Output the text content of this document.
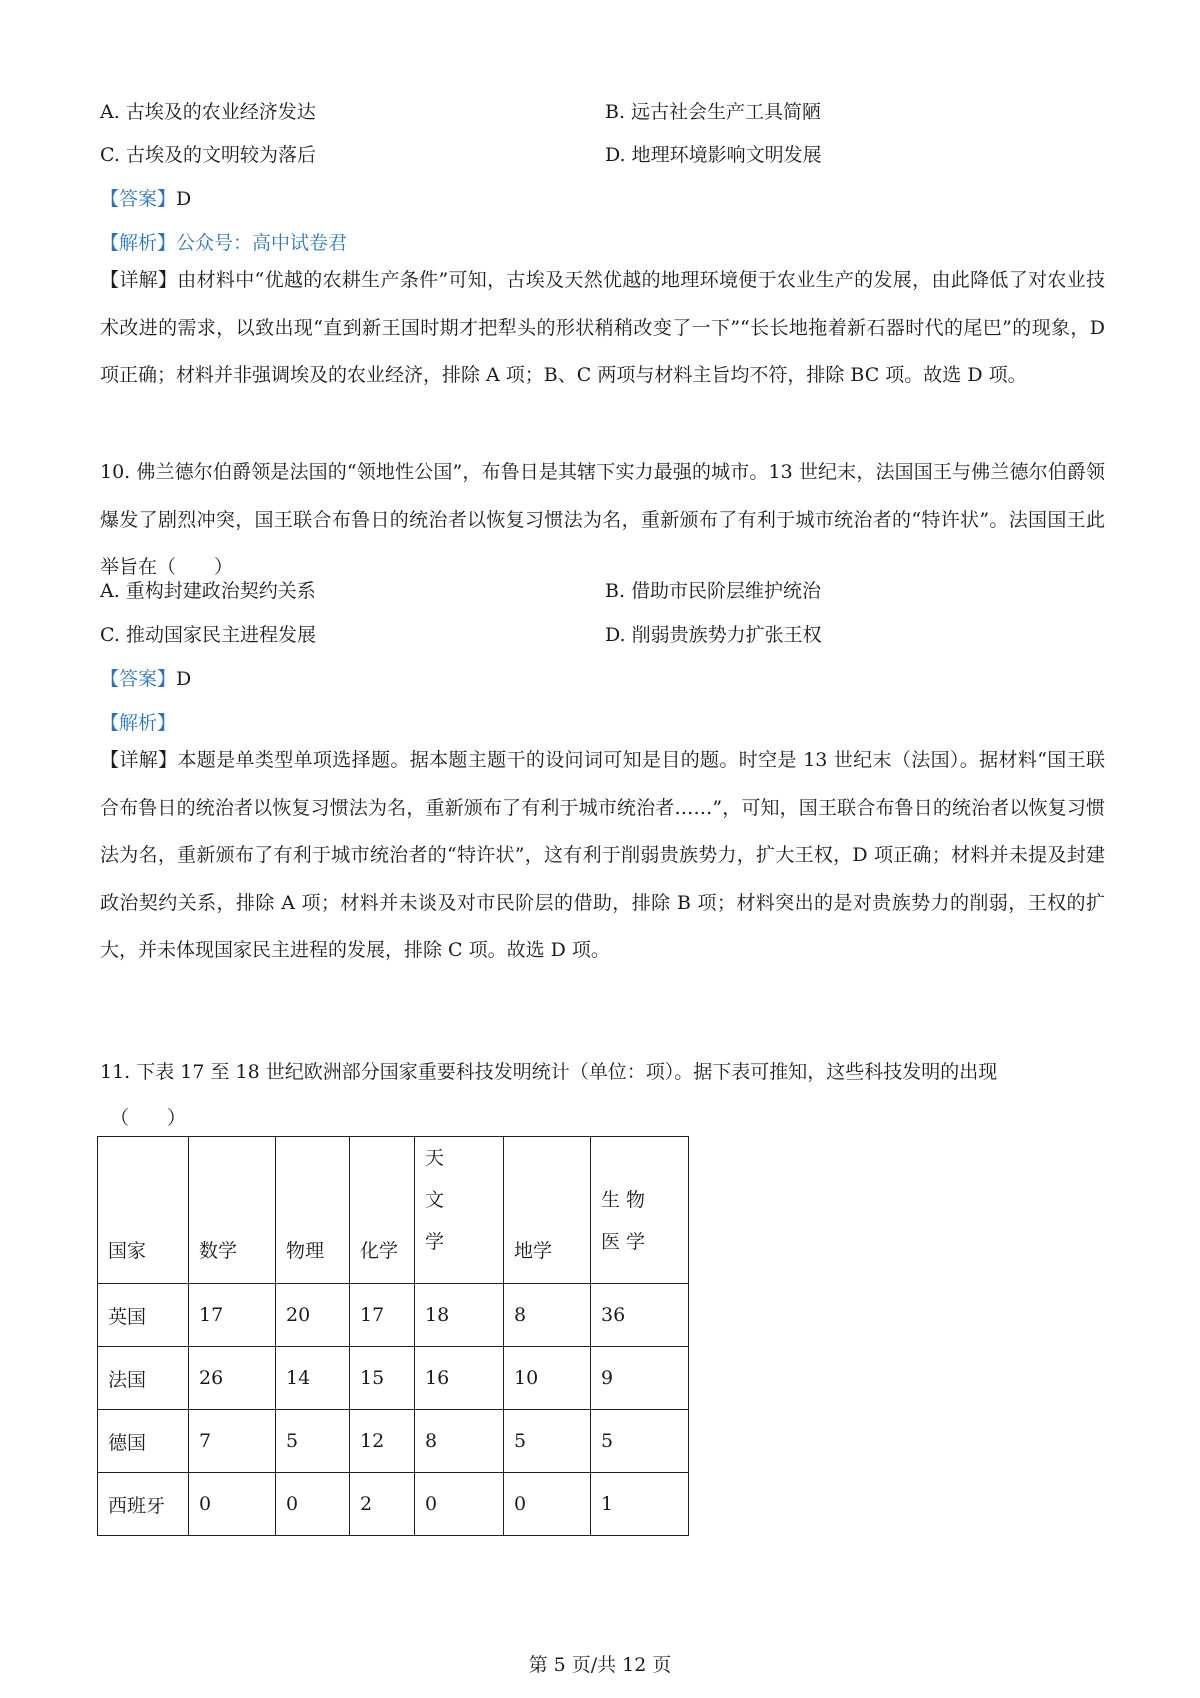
A. 古埃及的农业经济发达	B. 远古社会生产工具简陋
C. 古埃及的文明较为落后	D. 地理环境影响文明发展
【答案】D
【解析】公众号：高中试卷君
【详解】由材料中“优越的农耕生产条件”可知，古埃及天然优越的地理环境便于农业生产的发展，由此降低了对农业技术改进的需求，以致出现“直到新王国时期才把犁头的形状稍稍改变了一下”“长长地拖着新石器时代的尾巴”的现象，D 项正确；材料并非强调埃及的农业经济，排除 A 项；B、C 两项与材料主旨均不符，排除 BC 项。故选 D 项。
10. 佛兰德尔伯爵领是法国的“领地性公国”，布鲁日是其辖下实力最强的城市。13 世纪末，法国国王与佛兰德尔伯爵领爆发了剧烈冲突，国王联合布鲁日的统治者以恢复习惯法为名，重新颁布了有利于城市统治者的“特许状”。法国国王此举旨在（　　）
A. 重构封建政治契约关系	B. 借助市民阶层维护统治
C. 推动国家民主进程发展	D. 削弱贵族势力扩张王权
【答案】D
【解析】
【详解】本题是单类型单项选择题。据本题主题干的设问词可知是目的题。时空是 13 世纪末（法国）。据材料“国王联合布鲁日的统治者以恢复习惯法为名，重新颁布了有利于城市统治者……”，可知，国王联合布鲁日的统治者以恢复习惯法为名，重新颁布了有利于城市统治者的“特许状”，这有利于削弱贵族势力，扩大王权，D 项正确；材料并未提及封建政治契约关系，排除 A 项；材料并未谈及对市民阶层的借助，排除 B 项；材料突出的是对贵族势力的削弱，王权的扩大，并未体现国家民主进程的发展，排除 C 项。故选 D 项。
11. 下表 17 至 18 世纪欧洲部分国家重要科技发明统计（单位：项）。据下表可推知，这些科技发明的出现
（　　）
国家	数学	物理	化学	天文学	地学	生物医学

英国	17	20	17	18	8	36
法国	26	14	15	16	10	9
德国	7	5	12	8	5	5
西班牙	0	0	2	0	0	1
第 5 页/共 12 页
